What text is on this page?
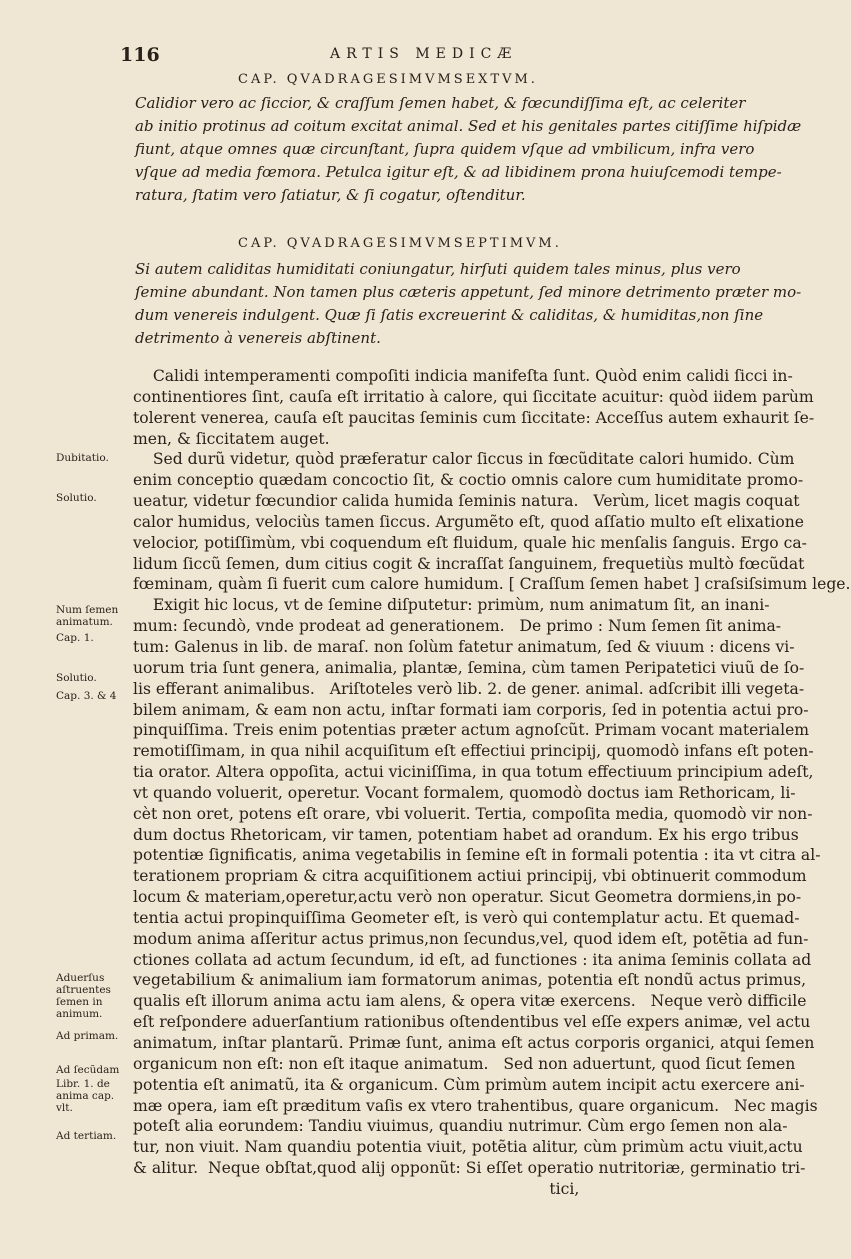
116	ARTIS MEDICÆ
CAP. QVADRAGESIMVMSEXTVM.
Calidior vero ac ſiccior, & craſſum ſemen habet, & fœcundiſſima eſt, ac celeriter
ab initio protinus ad coitum excitat animal. Sed et his genitales partes citiſſime hiſpidæ
fiunt, atque omnes quæ circunſtant, ſupra quidem vſque ad vmbilicum, infra vero
vſque ad media fœmora. Petulca igitur eſt, & ad libidinem prona huiuſcemodi tempe-
ratura, ſtatim vero ſatiatur, & ſi cogatur, oſtenditur.
CAP. QVADRAGESIMVMSEPTIMVM.
Si autem caliditas humiditati coniungatur, hirſuti quidem tales minus, plus vero
ſemine abundant. Non tamen plus cæteris appetunt, ſed minore detrimento præter mo-
dum venereis indulgent. Quæ ſi ſatis excreuerint & caliditas, & humiditas,non ſine
detrimento à venereis abſtinent.
Calidi intemperamenti compoſiti indicia manifeſta ſunt. Quòd enim calidi ſicci in-
continentiores ſint, cauſa eſt irritatio à calore, qui ſiccitate acuitur: quòd iidem parùm
tolerent venerea, cauſa eſt paucitas ſeminis cum ſiccitate: Acceſſus autem exhaurit ſe-
men, & ſiccitatem auget.
Sed durũ videtur, quòd præferatur calor ſiccus in fœcũditate calori humido. Cùm
enim conceptio quædam concoctio ſit, & coctio omnis calore cum humiditate promo-
ueatur, videtur fœcundior calida humida ſeminis natura.   Verùm, licet magis coquat
calor humidus, velociùs tamen ſiccus. Argumẽto eſt, quod aſſatio multo eſt elixatione
velocior, potiſſimùm, vbi coquendum eſt fluidum, quale hic menſalis ſanguis. Ergo ca-
lidum ſiccũ ſemen, dum citius cogit & incraſſat ſanguinem, frequetiùs multò fœcũdat
fœminam, quàm ſi fuerit cum calore humidum. [ Craſſum ſemen habet ] craſsiſsimum lege.
Exigit hic locus, vt de ſemine diſputetur: primùm, num animatum ſit, an inani-
mum: ſecundò, vnde prodeat ad generationem.   De primo : Num ſemen ſit anima-
tum: Galenus in lib. de maraſ. non ſolùm fatetur animatum, ſed & viuum : dicens vi-
uorum tria ſunt genera, animalia, plantæ, ſemina, cùm tamen Peripatetici viuũ de ſo-
lis efferant animalibus.   Ariſtoteles verò lib. 2. de gener. animal. adſcribit illi vegeta-
bilem animam, & eam non actu, inſtar formati iam corporis, ſed in potentia actui pro-
pinquiſſima. Treis enim potentias præter actum agnoſcũt. Primam vocant materialem
remotiſſimam, in qua nihil acquiſitum eſt effectiui principij, quomodò infans eſt poten-
tia orator. Altera oppoſita, actui viciniſſima, in qua totum effectiuum principium adeſt,
vt quando voluerit, operetur. Vocant formalem, quomodò doctus iam Rethoricam, li-
cèt non oret, potens eſt orare, vbi voluerit. Tertia, compoſita media, quomodò vir non-
dum doctus Rhetoricam, vir tamen, potentiam habet ad orandum. Ex his ergo tribus
potentiæ ſignificatis, anima vegetabilis in ſemine eſt in formali potentia : ita vt citra al-
terationem propriam & citra acquiſitionem actiui principij, vbi obtinuerit commodum
locum & materiam,operetur,actu verò non operatur. Sicut Geometra dormiens,in po-
tentia actui propinquiſſima Geometer eſt, is verò qui contemplatur actu. Et quemad-
modum anima aſſeritur actus primus,non ſecundus,vel, quod idem eſt, potẽtia ad fun-
ctiones collata ad actum ſecundum, id eſt, ad functiones : ita anima ſeminis collata ad
vegetabilium & animalium iam formatorum animas, potentia eſt nondũ actus primus,
qualis eſt illorum anima actu iam alens, & opera vitæ exercens.   Neque verò difficile
eſt reſpondere aduerſantium rationibus oſtendentibus vel eſſe expers animæ, vel actu
animatum, inſtar plantarũ. Primæ ſunt, anima eſt actus corporis organici, atqui ſemen
organicum non eſt: non eſt itaque animatum.   Sed non aduertunt, quod ſicut ſemen
potentia eſt animatũ, ita & organicum. Cùm primùm autem incipit actu exercere ani-
mæ opera, iam eſt præditum vaſis ex vtero trahentibus, quare organicum.   Nec magis
poteſt alia eorundem: Tandiu viuimus, quandiu nutrimur. Cùm ergo ſemen non ala-
tur, non viuit. Nam quandiu potentia viuit, potẽtia alitur, cùm primùm actu viuit,actu
& alitur.  Neque obſtat,quod alij opponũt: Si eſſet operatio nutritoriæ, germinatio tri-
tici,
Dubitatio.
Solutio.
Num ſemen animatum.
Cap. 1.
Solutio.
Cap. 3. & 4
Aduerſus aſtruentes ſemen in animum.
Ad primam.
Ad ſecũdam
Libr. 1. de anima cap. vlt.
Ad tertiam.
